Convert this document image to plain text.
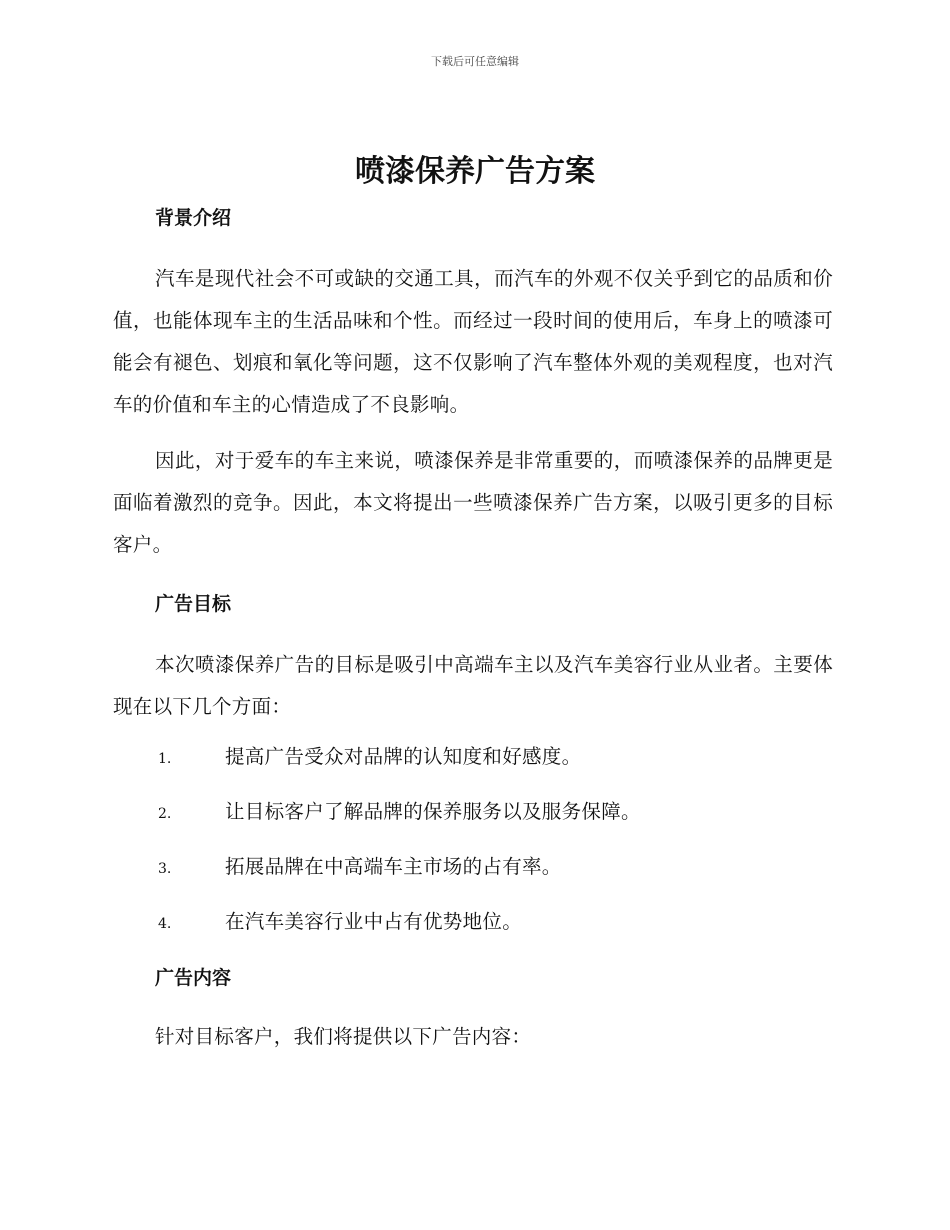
下载后可任意编辑
喷漆保养广告方案
背景介绍

汽车是现代社会不可或缺的交通工具，而汽车的外观不仅关乎到它的品质和价值，也能体现车主的生活品味和个性。而经过一段时间的使用后，车身上的喷漆可能会有褪色、划痕和氧化等问题，这不仅影响了汽车整体外观的美观程度，也对汽车的价值和车主的心情造成了不良影响。

因此，对于爱车的车主来说，喷漆保养是非常重要的，而喷漆保养的品牌更是面临着激烈的竞争。因此，本文将提出一些喷漆保养广告方案，以吸引更多的目标客户。

广告目标

本次喷漆保养广告的目标是吸引中高端车主以及汽车美容行业从业者。主要体现在以下几个方面：

1.	提高广告受众对品牌的认知度和好感度。
2.	让目标客户了解品牌的保养服务以及服务保障。
3.	拓展品牌在中高端车主市场的占有率。
4.	在汽车美容行业中占有优势地位。
广告内容

针对目标客户，我们将提供以下广告内容：
